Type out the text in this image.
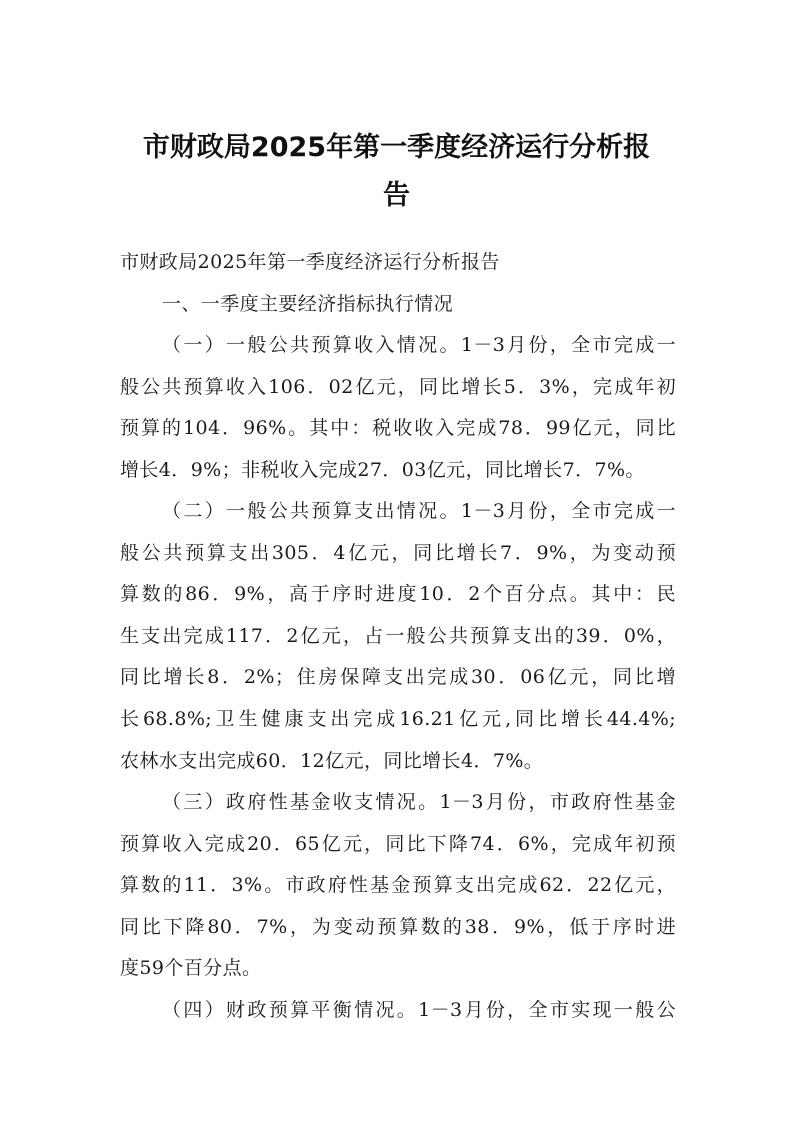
市财政局2025年第一季度经济运行分析报
告
市财政局2025年第一季度经济运行分析报告
一、一季度主要经济指标执行情况
（一）一般公共预算收入情况。1－3月份，全市完成一
般公共预算收入106．02亿元，同比增长5．3%，完成年初
预算的104．96%。其中：税收收入完成78．99亿元，同比
增长4．9%；非税收入完成27．03亿元，同比增长7．7%。
（二）一般公共预算支出情况。1－3月份，全市完成一
般公共预算支出305．4亿元，同比增长7．9%，为变动预
算数的86．9%，高于序时进度10．2个百分点。其中：民
生支出完成117．2亿元，占一般公共预算支出的39．0%，
同比增长8．2%；住房保障支出完成30．06亿元，同比增
长68.8%;卫生健康支出完成16.21亿元,同比增长44.4%;
农林水支出完成60．12亿元，同比增长4．7%。
（三）政府性基金收支情况。1－3月份，市政府性基金
预算收入完成20．65亿元，同比下降74．6%，完成年初预
算数的11．3%。市政府性基金预算支出完成62．22亿元，
同比下降80．7%，为变动预算数的38．9%，低于序时进
度59个百分点。
（四）财政预算平衡情况。1－3月份，全市实现一般公
